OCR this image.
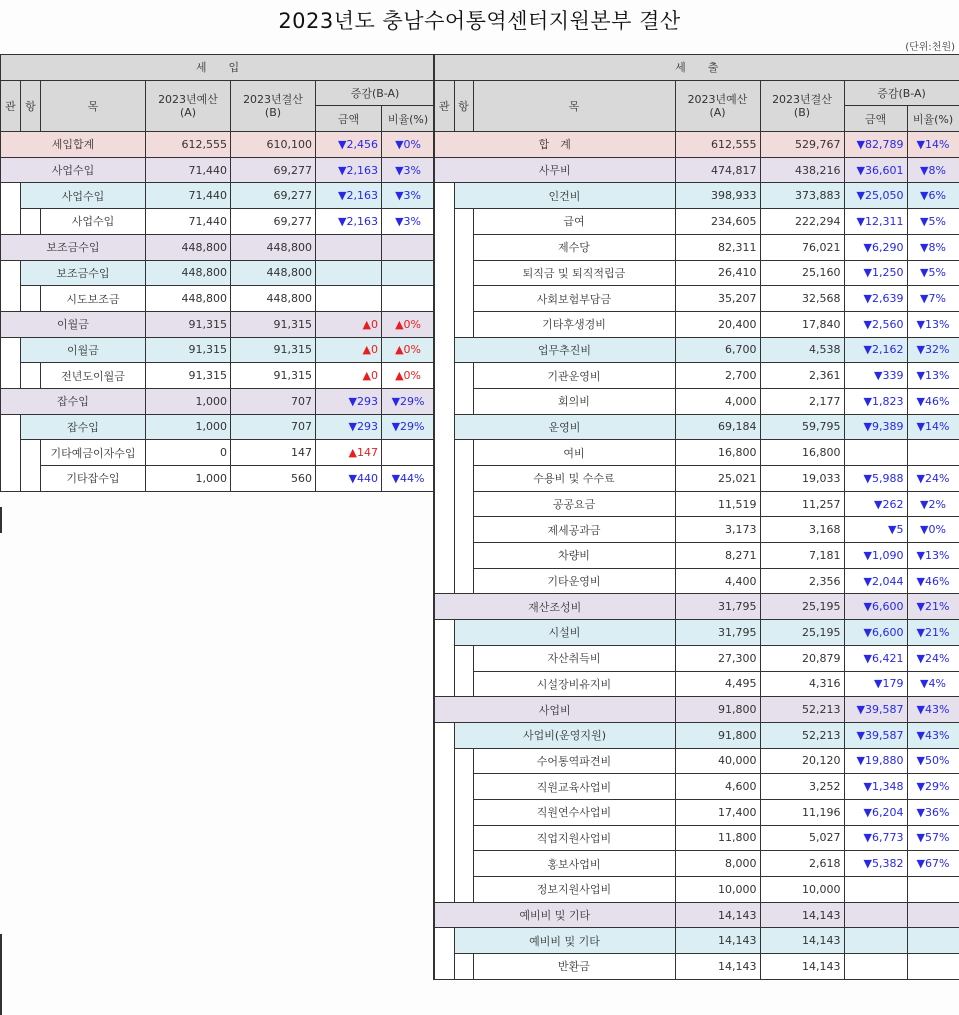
2023년도 충남수어통역센터지원본부 결산
(단위:천원)
세　　입						
관	항	목	2023년예산
(A)	2023년결산
(B)	증감(B-A)	
					금액	비율(%)
세입합계			612,555	610,100	▼2,456	▼0%
사업수입			71,440	69,277	▼2,163	▼3%
	사업수입		71,440	69,277	▼2,163	▼3%
		사업수입	71,440	69,277	▼2,163	▼3%
보조금수입			448,800	448,800		
	보조금수입		448,800	448,800		
		시도보조금	448,800	448,800		
이월금			91,315	91,315	▲0	▲0%
	이월금		91,315	91,315	▲0	▲0%
		전년도이월금	91,315	91,315	▲0	▲0%
잡수입			1,000	707	▼293	▼29%
	잡수입		1,000	707	▼293	▼29%
		기타예금이자수입	0	147	▲147	
		기타잡수입	1,000	560	▼440	▼44%
세　　출						
관	항	목	2023년예산
(A)	2023년결산
(B)	증감(B-A)	
					금액	비율(%)
합　계			612,555	529,767	▼82,789	▼14%
사무비			474,817	438,216	▼36,601	▼8%
	인건비		398,933	373,883	▼25,050	▼6%
		급여	234,605	222,294	▼12,311	▼5%
		제수당	82,311	76,021	▼6,290	▼8%
		퇴직금 및 퇴직적립금	26,410	25,160	▼1,250	▼5%
		사회보험부담금	35,207	32,568	▼2,639	▼7%
		기타후생경비	20,400	17,840	▼2,560	▼13%
	업무추진비		6,700	4,538	▼2,162	▼32%
		기관운영비	2,700	2,361	▼339	▼13%
		회의비	4,000	2,177	▼1,823	▼46%
	운영비		69,184	59,795	▼9,389	▼14%
		여비	16,800	16,800		
		수용비 및 수수료	25,021	19,033	▼5,988	▼24%
		공공요금	11,519	11,257	▼262	▼2%
		제세공과금	3,173	3,168	▼5	▼0%
		차량비	8,271	7,181	▼1,090	▼13%
		기타운영비	4,400	2,356	▼2,044	▼46%
재산조성비			31,795	25,195	▼6,600	▼21%
	시설비		31,795	25,195	▼6,600	▼21%
		자산취득비	27,300	20,879	▼6,421	▼24%
		시설장비유지비	4,495	4,316	▼179	▼4%
사업비			91,800	52,213	▼39,587	▼43%
	사업비(운영지원)		91,800	52,213	▼39,587	▼43%
		수어통역파견비	40,000	20,120	▼19,880	▼50%
		직원교육사업비	4,600	3,252	▼1,348	▼29%
		직원연수사업비	17,400	11,196	▼6,204	▼36%
		직업지원사업비	11,800	5,027	▼6,773	▼57%
		홍보사업비	8,000	2,618	▼5,382	▼67%
		정보지원사업비	10,000	10,000		
예비비 및 기타			14,143	14,143		
	예비비 및 기타		14,143	14,143		
		반환금	14,143	14,143		
